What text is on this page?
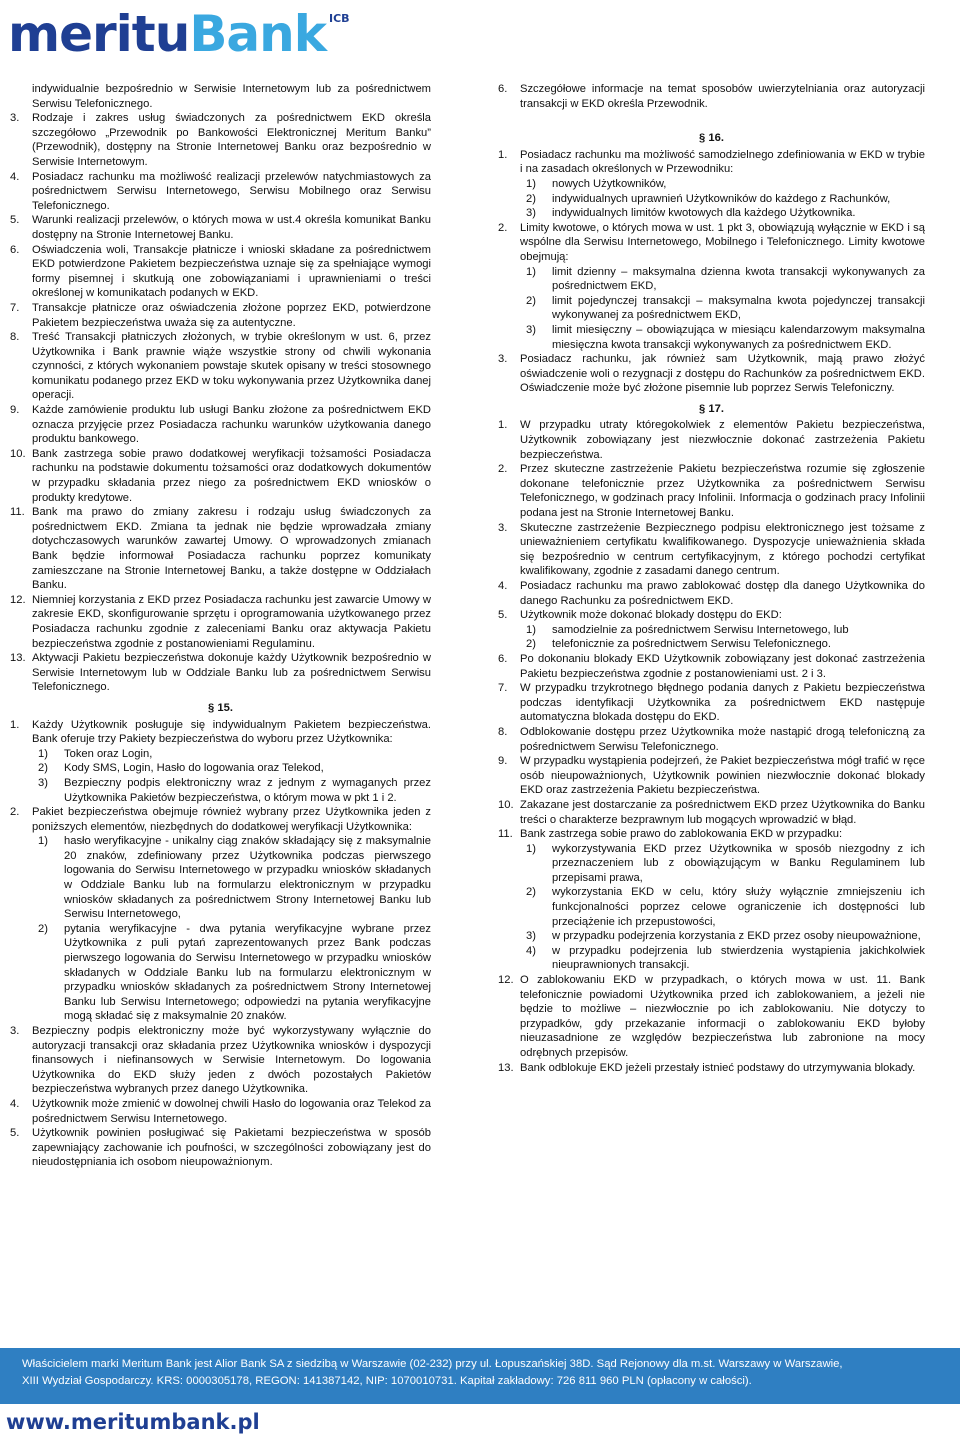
meritu Bank ICB
indywidualnie bezpośrednio w Serwisie Internetowym lub za pośrednictwem Serwisu Telefonicznego.
3.	Rodzaje i zakres usług świadczonych za pośrednictwem EKD określa szczegółowo „Przewodnik po Bankowości Elektronicznej Meritum Banku” (Przewodnik), dostępny na Stronie Internetowej Banku oraz bezpośrednio w Serwisie Internetowym.
4.	Posiadacz rachunku ma możliwość realizacji przelewów natychmiastowych za pośrednictwem Serwisu Internetowego, Serwisu Mobilnego oraz Serwisu Telefonicznego.
5.	Warunki realizacji przelewów, o których mowa w ust.4 określa komunikat Banku dostępny na Stronie Internetowej Banku.
6.	Oświadczenia woli, Transakcje płatnicze i wnioski składane za pośrednictwem EKD potwierdzone Pakietem bezpieczeństwa uznaje się za spełniające wymogi formy pisemnej i skutkują one zobowiązaniami i uprawnieniami o treści określonej w komunikatach podanych w EKD.
7.	Transakcje płatnicze oraz oświadczenia złożone poprzez EKD, potwierdzone Pakietem bezpieczeństwa uważa się za autentyczne.
8.	Treść Transakcji płatniczych złożonych, w trybie określonym w ust. 6, przez Użytkownika i Bank prawnie wiąże wszystkie strony od chwili wykonania czynności, z których wykonaniem powstaje skutek opisany w treści stosownego komunikatu podanego przez EKD w toku wykonywania przez Użytkownika danej operacji.
9.	Każde zamówienie produktu lub usługi Banku złożone za pośrednictwem EKD oznacza przyjęcie przez Posiadacza rachunku warunków użytkowania danego produktu bankowego.
10. Bank zastrzega sobie prawo dodatkowej weryfikacji tożsamości Posiadacza rachunku na podstawie dokumentu tożsamości oraz dodatkowych dokumentów w przypadku składania przez niego za pośrednictwem EKD wniosków o produkty kredytowe.
11. Bank ma prawo do zmiany zakresu i rodzaju usług świadczonych za pośrednictwem EKD. Zmiana ta jednak nie będzie wprowadzała zmiany dotychczasowych warunków zawartej Umowy. O wprowadzonych zmianach Bank będzie informował Posiadacza rachunku poprzez komunikaty zamieszczane na Stronie Internetowej Banku, a także dostępne w Oddziałach Banku.
12. Niemniej korzystania z EKD przez Posiadacza rachunku jest zawarcie Umowy w zakresie EKD, skonfigurowanie sprzętu i oprogramowania użytkowanego przez Posiadacza rachunku zgodnie z zaleceniami Banku oraz aktywacja Pakietu bezpieczeństwa zgodnie z postanowieniami Regulaminu.
13. Aktywacji Pakietu bezpieczeństwa dokonuje każdy Użytkownik bezpośrednio w Serwisie Internetowym lub w Oddziale Banku lub za pośrednictwem Serwisu Telefonicznego.
§ 15.
1.	Każdy Użytkownik posługuje się indywidualnym Pakietem bezpieczeństwa. Bank oferuje trzy Pakiety bezpieczeństwa do wyboru przez Użytkownika:
1)	Token oraz Login,
2)	Kody SMS, Login, Hasło do logowania oraz Telekod,
3)	Bezpieczny podpis elektroniczny wraz z jednym z wymaganych przez Użytkownika Pakietów bezpieczeństwa, o którym mowa w pkt 1 i 2.
2.	Pakiet bezpieczeństwa obejmuje również wybrany przez Użytkownika jeden z poniższych elementów, niezbędnych do dodatkowej weryfikacji Użytkownika:
1)	hasło weryfikacyjne - unikalny ciąg znaków składający się z maksymalnie 20 znaków, zdefiniowany przez Użytkownika podczas pierwszego logowania do Serwisu Internetowego w przypadku wniosków składanych w Oddziale Banku lub na formularzu elektronicznym w przypadku wniosków składanych za pośrednictwem Strony Internetowej Banku lub Serwisu Internetowego,
2)	pytania weryfikacyjne - dwa pytania weryfikacyjne wybrane przez Użytkownika z puli pytań zaprezentowanych przez Bank podczas pierwszego logowania do Serwisu Internetowego w przypadku wniosków składanych w Oddziale Banku lub na formularzu elektronicznym w przypadku wniosków składanych za pośrednictwem Strony Internetowej Banku lub Serwisu Internetowego; odpowiedzi na pytania weryfikacyjne mogą składać się z maksymalnie 20 znaków.
3.	Bezpieczny podpis elektroniczny może być wykorzystywany wyłącznie do autoryzacji transakcji oraz składania przez Użytkownika wniosków i dyspozycji finansowych i niefinansowych w Serwisie Internetowym. Do logowania Użytkownika do EKD służy jeden z dwóch pozostałych Pakietów bezpieczeństwa wybranych przez danego Użytkownika.
4.	Użytkownik może zmienić w dowolnej chwili Hasło do logowania oraz Telekod za pośrednictwem Serwisu Internetowego.
5.	Użytkownik powinien posługiwać się Pakietami bezpieczeństwa w sposób zapewniający zachowanie ich poufności, w szczególności zobowiązany jest do nieudostępniania ich osobom nieupoważnionym.
6.	Szczegółowe informacje na temat sposobów uwierzytelniania oraz autoryzacji transakcji w EKD określa Przewodnik.
§ 16.
1.	Posiadacz rachunku ma możliwość samodzielnego zdefiniowania w EKD w trybie i na zasadach określonych w Przewodniku:
1)	nowych Użytkowników,
2)	indywidualnych uprawnień Użytkowników do każdego z Rachunków,
3)	indywidualnych limitów kwotowych dla każdego Użytkownika.
2.	Limity kwotowe, o których mowa w ust. 1 pkt 3, obowiązują wyłącznie w EKD i są wspólne dla Serwisu Internetowego, Mobilnego i Telefonicznego. Limity kwotowe obejmują:
1)	limit dzienny – maksymalna dzienna kwota transakcji wykonywanych za pośrednictwem EKD,
2)	limit pojedynczej transakcji – maksymalna kwota pojedynczej transakcji wykonywanej za pośrednictwem EKD,
3)	limit miesięczny – obowiązująca w miesiącu kalendarzowym maksymalna miesięczna kwota transakcji wykonywanych za pośrednictwem EKD.
3.	Posiadacz rachunku, jak również sam Użytkownik, mają prawo złożyć oświadczenie woli o rezygnacji z dostępu do Rachunków za pośrednictwem EKD. Oświadczenie może być złożone pisemnie lub poprzez Serwis Telefoniczny.
§ 17.
1.	W przypadku utraty któregokolwiek z elementów Pakietu bezpieczeństwa, Użytkownik zobowiązany jest niezwłocznie dokonać zastrzeżenia Pakietu bezpieczeństwa.
2.	Przez skuteczne zastrzeżenie Pakietu bezpieczeństwa rozumie się zgłoszenie dokonane telefonicznie przez Użytkownika za pośrednictwem Serwisu Telefonicznego, w godzinach pracy Infolinii. Informacja o godzinach pracy Infolinii podana jest na Stronie Internetowej Banku.
3.	Skuteczne zastrzeżenie Bezpiecznego podpisu elektronicznego jest tożsame z unieważnieniem certyfikatu kwalifikowanego. Dyspozycje unieważnienia składa się bezpośrednio w centrum certyfikacyjnym, z którego pochodzi certyfikat kwalifikowany, zgodnie z zasadami danego centrum.
4.	Posiadacz rachunku ma prawo zablokować dostęp dla danego Użytkownika do danego Rachunku za pośrednictwem EKD.
5.	Użytkownik może dokonać blokady dostępu do EKD:
1)	samodzielnie za pośrednictwem Serwisu Internetowego, lub
2)	telefonicznie za pośrednictwem Serwisu Telefonicznego.
6.	Po dokonaniu blokady EKD Użytkownik zobowiązany jest dokonać zastrzeżenia Pakietu bezpieczeństwa zgodnie z postanowieniami ust. 2 i 3.
7.	W przypadku trzykrotnego błędnego podania danych z Pakietu bezpieczeństwa podczas identyfikacji Użytkownika za pośrednictwem EKD następuje automatyczna blokada dostępu do EKD.
8.	Odblokowanie dostępu przez Użytkownika może nastąpić drogą telefoniczną za pośrednictwem Serwisu Telefonicznego.
9.	W przypadku wystąpienia podejrzeń, że Pakiet bezpieczeństwa mógł trafić w ręce osób nieupoważnionych, Użytkownik powinien niezwłocznie dokonać blokady EKD oraz zastrzeżenia Pakietu bezpieczeństwa.
10. Zakazane jest dostarczanie za pośrednictwem EKD przez Użytkownika do Banku treści o charakterze bezprawnym lub mogących wprowadzić w błąd.
11. Bank zastrzega sobie prawo do zablokowania EKD w przypadku:
1)	wykorzystywania EKD przez Użytkownika w sposób niezgodny z ich przeznaczeniem lub z obowiązującym w Banku Regulaminem lub przepisami prawa,
2)	wykorzystania EKD w celu, który służy wyłącznie zmniejszeniu ich funkcjonalności poprzez celowe ograniczenie ich dostępności lub przeciążenie ich przepustowości,
3)	w przypadku podejrzenia korzystania z EKD przez osoby nieupoważnione,
4)	w przypadku podejrzenia lub stwierdzenia wystąpienia jakichkolwiek nieuprawnionych transakcji.
12. O zablokowaniu EKD w przypadkach, o których mowa w ust. 11. Bank telefonicznie powiadomi Użytkownika przed ich zablokowaniem, a jeżeli nie będzie to możliwe – niezwłocznie po ich zablokowaniu. Nie dotyczy to przypadków, gdy przekazanie informacji o zablokowaniu EKD byłoby nieuzasadnione ze względów bezpieczeństwa lub zabronione na mocy odrębnych przepisów.
13. Bank odblokuje EKD jeżeli przestały istnieć podstawy do utrzymywania blokady.
Właścicielem marki Meritum Bank jest Alior Bank SA z siedzibą w Warszawie (02-232) przy ul. Łopuszańskiej 38D. Sąd Rejonowy dla m.st. Warszawy w Warszawie,
XIII Wydział Gospodarczy. KRS: 0000305178, REGON: 141387142, NIP: 1070010731. Kapitał zakładowy: 726 811 960 PLN (opłacony w całości).
www.meritumbank.pl
